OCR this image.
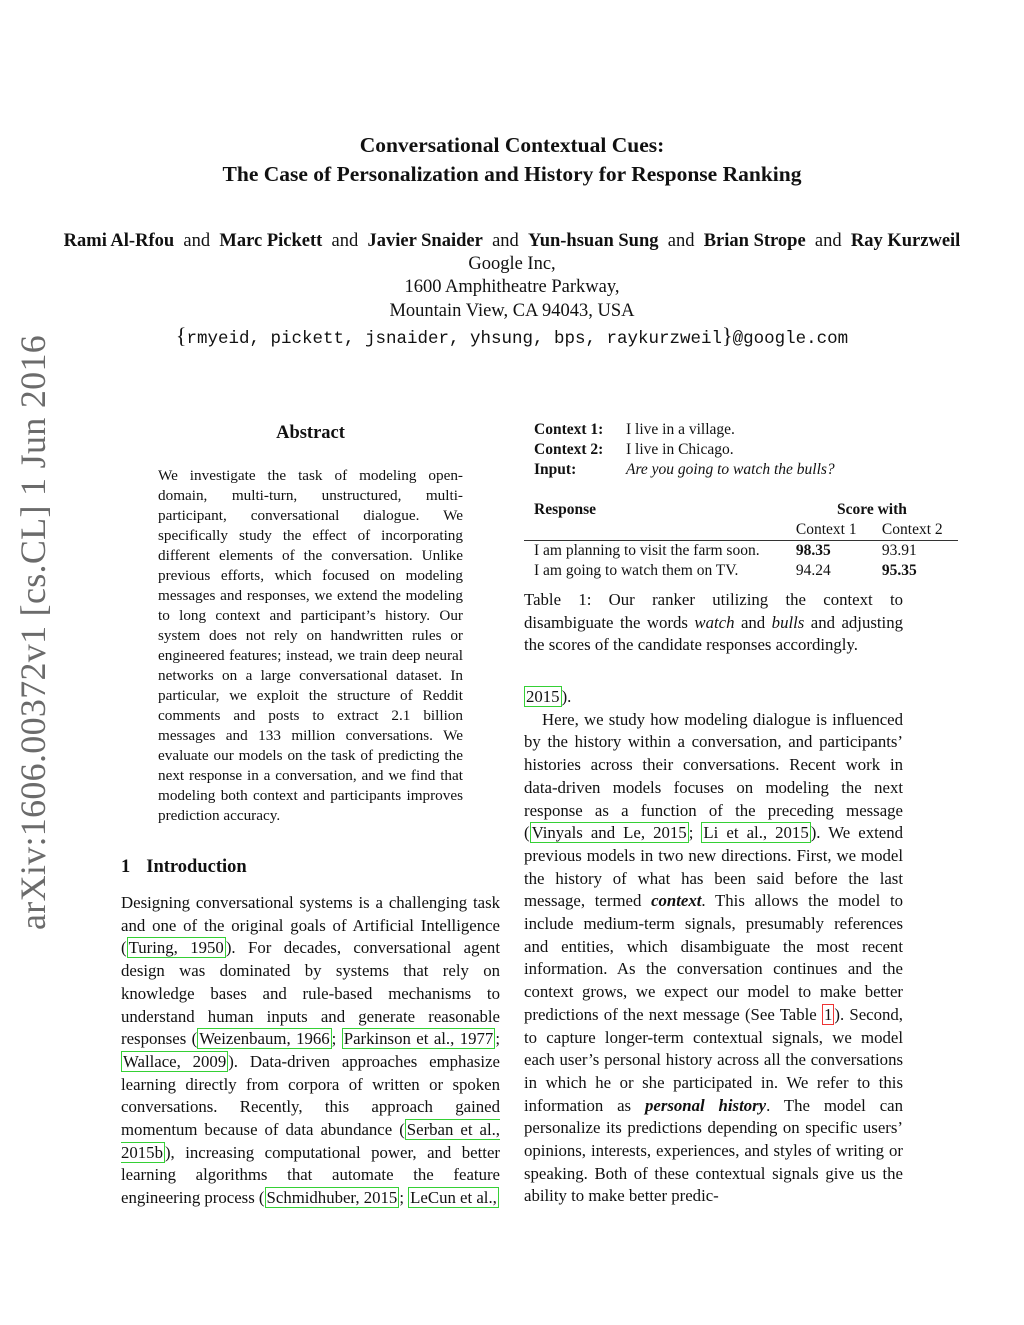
Conversational Contextual Cues:
The Case of Personalization and History for Response Ranking
Rami Al-Rfou and Marc Pickett and Javier Snaider and Yun-hsuan Sung and Brian Strope and Ray Kurzweil
Google Inc,
1600 Amphitheatre Parkway,
Mountain View, CA 94043, USA
{rmyeid, pickett, jsnaider, yhsung, bps, raykurzweil}@google.com
arXiv:1606.00372v1 [cs.CL] 1 Jun 2016	Abstract
We investigate the task of modeling open-domain, multi-turn, unstructured, multi-participant, conversational dialogue. We specifically study the effect of incorporating different elements of the conversation. Unlike previous efforts, which focused on modeling messages and responses, we extend the modeling to long context and participant’s history. Our system does not rely on handwritten rules or engineered features; instead, we train deep neural networks on a large conversational dataset. In particular, we exploit the structure of Reddit comments and posts to extract 2.1 billion messages and 133 million conversations. We evaluate our models on the task of predicting the next response in a conversation, and we find that modeling both context and participants improves prediction accuracy.
1 Introduction
Designing conversational systems is a challenging task and one of the original goals of Artificial Intelligence ( Turing, 1950 ). For decades, conversational agent design was dominated by systems that rely on knowledge bases and rule-based mechanisms to understand human inputs and generate reasonable responses ( Weizenbaum, 1966 ; Parkinson et al., 1977 ; Wallace, 2009 ). Data-driven approaches emphasize learning directly from corpora of written or spoken conversations. Recently, this approach gained momentum because of data abundance ( Serban et al., 2015b ), increasing computational power, and better learning algorithms that automate the feature engineering process ( Schmidhuber, 2015 ; LeCun et al.,
Context 1: I live in a village.
Context 2: I live in Chicago.
Input:	Are you going to watch the bulls?
Response	Score with	
	Context 1	Context 2
I am planning to visit the farm soon.	98.35	93.91
I am going to watch them on TV.	94.24	95.35
Table 1: Our ranker utilizing the context to disambiguate the words watch and bulls and adjusting the scores of the candidate responses accordingly.
2015 ).
Here, we study how modeling dialogue is influenced by the history within a conversation, and participants’ histories across their conversations. Recent work in data-driven models focuses on modeling the next response as a function of the preceding message ( Vinyals and Le, 2015 ; Li et al., 2015 ). We extend previous models in two new directions. First, we model the history of what has been said before the last message, termed context. This allows the model to include medium-term signals, presumably references and entities, which disambiguate the most recent information. As the conversation continues and the context grows, we expect our model to make better predictions of the next message (See Table 1 ). Second, to capture longer-term contextual signals, we model each user’s personal history across all the conversations in which he or she participated in. We refer to this information as personal history. The model can personalize its predictions depending on specific users’ opinions, interests, experiences, and styles of writing or speaking. Both of these contextual signals give us the ability to make better predic-
